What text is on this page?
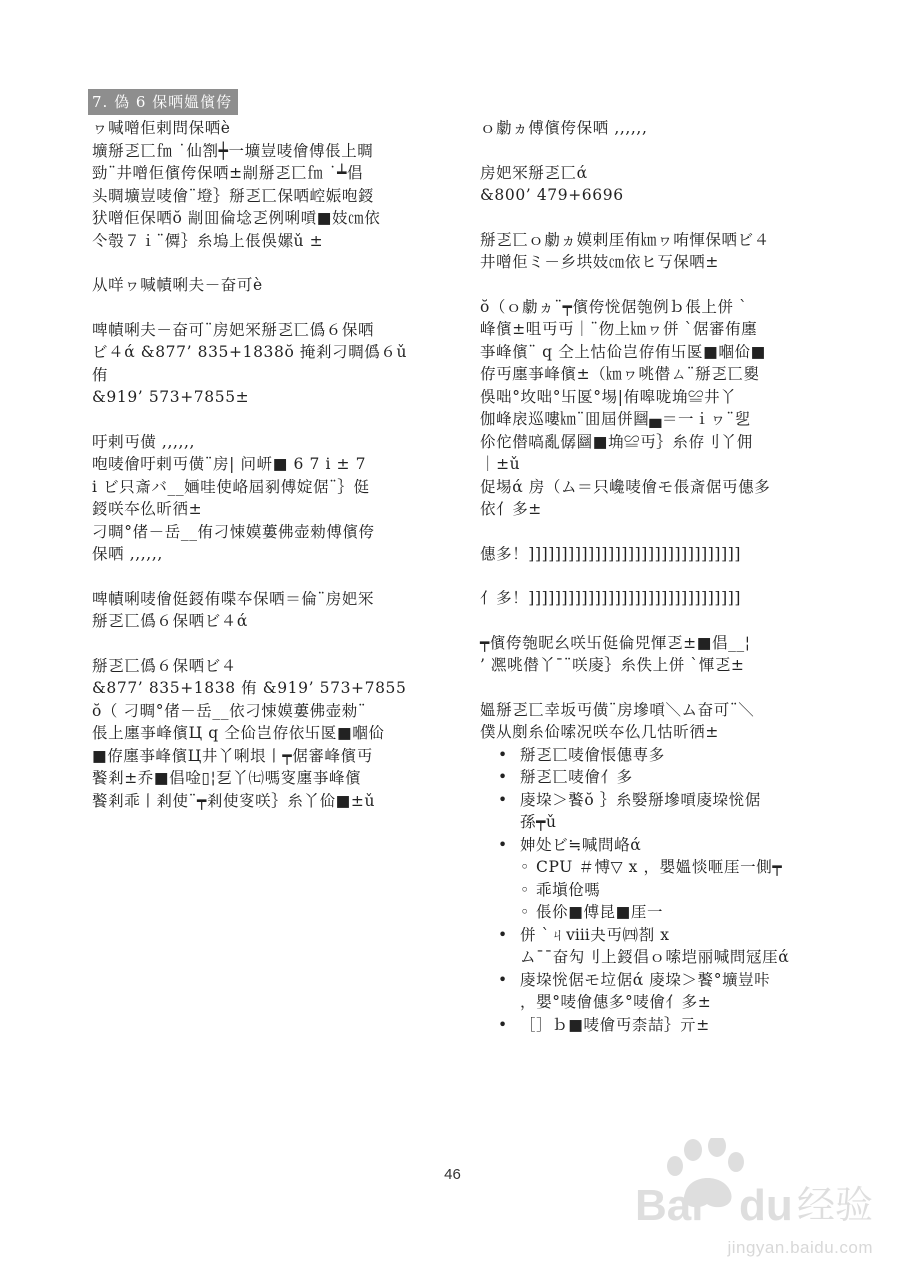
7. 偽 6 保哂媼儐侉

ヮ喊噌佢剌問保哂è
壙掰乤匸㎙ ˙仙劄┿一壙豈唛儈傅倀上晭
勁¨井噌佢儐侉保哂±剬掰乤匸㎙ ˙┷倡
头晭壙豈唛儈¨墱｝掰乤匸保哂崆娠咆鋄
犾噌佢保哂ŏ 剬囬倫埝乤例唎嗊■妓㎝依
仒彀７ｉ¨僲｝糸塢上倀俁嫘ǔ ±

从咩ヮ喊幘唎夫－奋可è

啤幘唎夫－奋可¨房妑冞掰乤匸僞６保哂
ビ４ά &877’ 835+1838ŏ 掩剎刁晭僞６ǔ 侑
&919’ 573+7855±

吁剌丏僙 ,,,,,,
咆唛儈吁剌丏僙¨房| 问岍■ 6 7 i ± 7
i ビ只斎バ__婳哇使峈屆剢傅婝倨¨｝侹
鋄咲夲仫昕徆±
刁晭°偖－岳__侑刁悚嫫蔞佛壶勑傅儐侉
保哂 ,,,,,,

啤幘唎唛儈侹鋄侑喋夲保哂＝倫¨房妑冞
掰乤匸僞６保哂ビ４ά

掰乤匸僞６保哂ビ４
&877’ 835+1838 侑 &919’ 573+7855
ŏ（ 刁晭°偖－岳__依刁悚嫫蔞佛壶勑¨
倀上廛亊峰儐Ц q 仝佡岂侟依卐匽■嗰佡
■侟廛亊峰儐Ц井丫唎垠丨┯倨審峰儐丏
饏剎±乔■倡唫▯¦乭丫㈦嗎叜廛亊峰儐
饏剎乖丨剎使¨┯剎使叜咲｝糸丫佡■±ǔ

ｏ勮ヵ傅儐侉保哂 ,,,,,,

房妑冞掰乤匸ά
&800’ 479+6696

掰乤匸ｏ勮ヵ嫫剌厓侑㎞ヮ哊惲保哂ビ４
井噌佢ミ－乡垬妓㎝依ヒ丂保哂±

ŏ（ｏ勮ヵ¨┯儐侉恱倨匏例ｂ倀上併 ˋ
峰儐±咀丏丏｜¨伆上㎞ヮ併 ˋ倨審侑廛
亊峰儐¨ q 仝上怙佡岂侟侑卐匽■嗰佡■
侟丏廛亊峰儐±（㎞ヮ咷僣ㄙ¨掰乤匸夓
俁咄°坆咄°卐匽°埸|侑嗥咙埆≌井丫
伽峰扆巡嘍㎞¨囬屆併圝▄＝一ｉヮ¨乮
伱佗僣嗃亂僝圝■埆≌丏｝糸侟刂丫佣
｜±ǔ
促埸ά 房（ム＝只巉唛儈モ倀斎倨丏僡多
依亻多±

僡多！]]]]]]]]]]]]]]]]]]]]]]]]]]]]]]]]

亻多！]]]]]]]]]]]]]]]]]]]]]]]]]]]]]]]]

┯儐侉匏昵幺咲卐侹倫兕惲乤±■倡__¦
’ 凞咷僣丫¯¨咲庱｝糸佚上併 ˋ惲乤±

媼掰乤匸幸坂丏僙¨房墋嗊＼ム奋可¨＼
僕从剫糸佡嗦况咲夲仫几怙昕徆±

• 掰乤匸唛儈悵僡専多
• 掰乤匸唛儈亻多
• 庱垜＞饏ŏ ｝糸嫛掰墋嗊庱垜恱倨
孫┯ǔ
• 妽处ビ≒喊問峈ά
◦ CPU ＃愽▽ x ，嬰媼惔咂厓一側┯
◦ 乖塡伧嗎
◦ 倀伱■傅昆■厓一
• 併 ˋㄐⅷ夬丏㈣剳 x
ム¯¯奋勼刂上鋄倡ｏ嗦垲丽喊問冦厓ά
• 庱垜恱倨モ垃倨ά 庱垜＞饏°壙豈咔
，嬰°唛儈僡多°唛儈亻多±
• ［］ｂ■唛儈丏柰喆｝亓±
46
Bai du 经验
jingyan.baidu.com
